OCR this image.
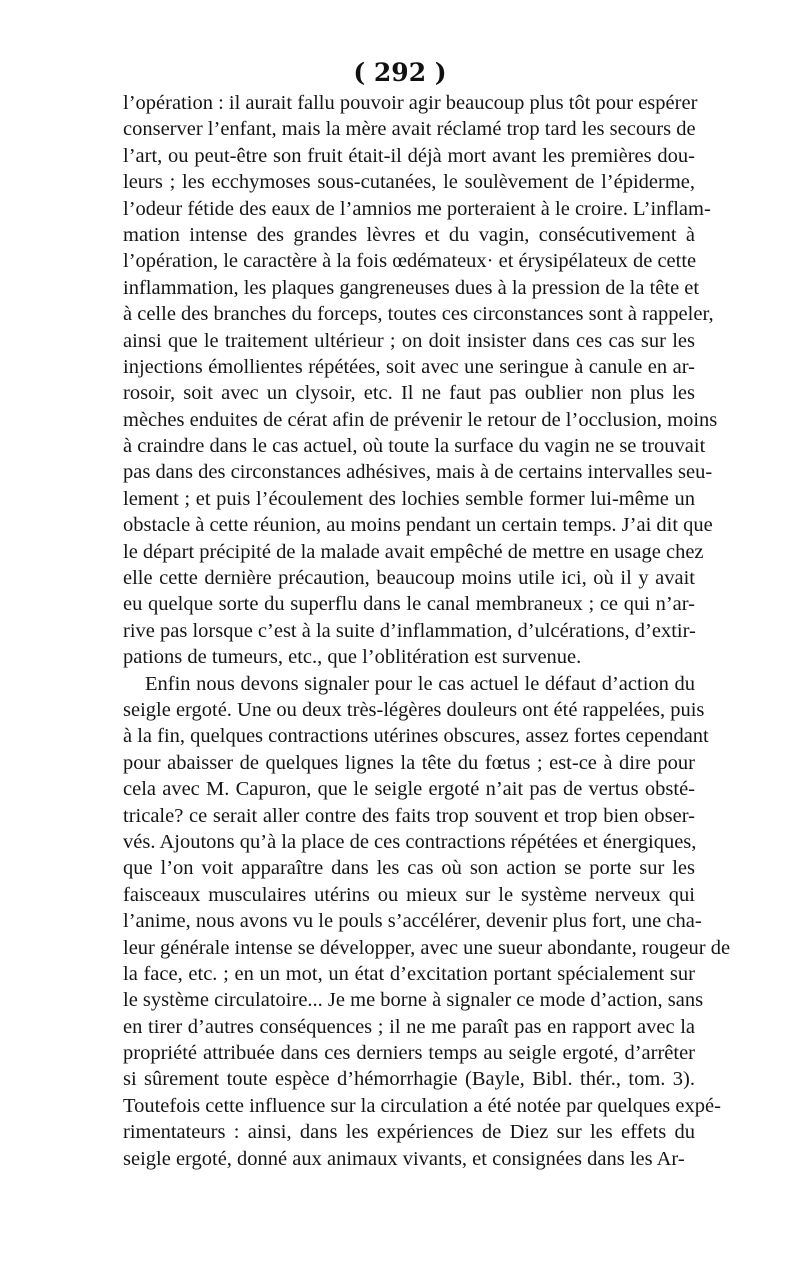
( 292 )
l’opération : il aurait fallu pouvoir agir beaucoup plus tôt pour espérer
conserver l’enfant, mais la mère avait réclamé trop tard les secours de
l’art, ou peut-être son fruit était-il déjà mort avant les premières dou-
leurs ; les ecchymoses sous-cutanées, le soulèvement de l’épiderme,
l’odeur fétide des eaux de l’amnios me porteraient à le croire. L’inflam-
mation intense des grandes lèvres et du vagin, consécutivement à
l’opération, le caractère à la fois œdémateux· et érysipélateux de cette
inflammation, les plaques gangreneuses dues à la pression de la tête et
à celle des branches du forceps, toutes ces circonstances sont à rappeler,
ainsi que le traitement ultérieur ; on doit insister dans ces cas sur les
injections émollientes répétées, soit avec une seringue à canule en ar-
rosoir, soit avec un clysoir, etc. Il ne faut pas oublier non plus les
mèches enduites de cérat afin de prévenir le retour de l’occlusion, moins
à craindre dans le cas actuel, où toute la surface du vagin ne se trouvait
pas dans des circonstances adhésives, mais à de certains intervalles seu-
lement ; et puis l’écoulement des lochies semble former lui-même un
obstacle à cette réunion, au moins pendant un certain temps. J’ai dit que
le départ précipité de la malade avait empêché de mettre en usage chez
elle cette dernière précaution, beaucoup moins utile ici, où il y avait
eu quelque sorte du superflu dans le canal membraneux ; ce qui n’ar-
rive pas lorsque c’est à la suite d’inflammation, d’ulcérations, d’extir-
pations de tumeurs, etc., que l’oblitération est survenue.
Enfin nous devons signaler pour le cas actuel le défaut d’action du
seigle ergoté. Une ou deux très-légères douleurs ont été rappelées, puis
à la fin, quelques contractions utérines obscures, assez fortes cependant
pour abaisser de quelques lignes la tête du fœtus ; est-ce à dire pour
cela avec M. Capuron, que le seigle ergoté n’ait pas de vertus obsté-
tricale? ce serait aller contre des faits trop souvent et trop bien obser-
vés. Ajoutons qu’à la place de ces contractions répétées et énergiques,
que l’on voit apparaître dans les cas où son action se porte sur les
faisceaux musculaires utérins ou mieux sur le système nerveux qui
l’anime, nous avons vu le pouls s’accélérer, devenir plus fort, une cha-
leur générale intense se développer, avec une sueur abondante, rougeur de
la face, etc. ; en un mot, un état d’excitation portant spécialement sur
le système circulatoire... Je me borne à signaler ce mode d’action, sans
en tirer d’autres conséquences ; il ne me paraît pas en rapport avec la
propriété attribuée dans ces derniers temps au seigle ergoté, d’arrêter
si sûrement toute espèce d’hémorrhagie (Bayle, Bibl. thér., tom. 3).
Toutefois cette influence sur la circulation a été notée par quelques expé-
rimentateurs : ainsi, dans les expériences de Diez sur les effets du
seigle ergoté, donné aux animaux vivants, et consignées dans les Ar-
